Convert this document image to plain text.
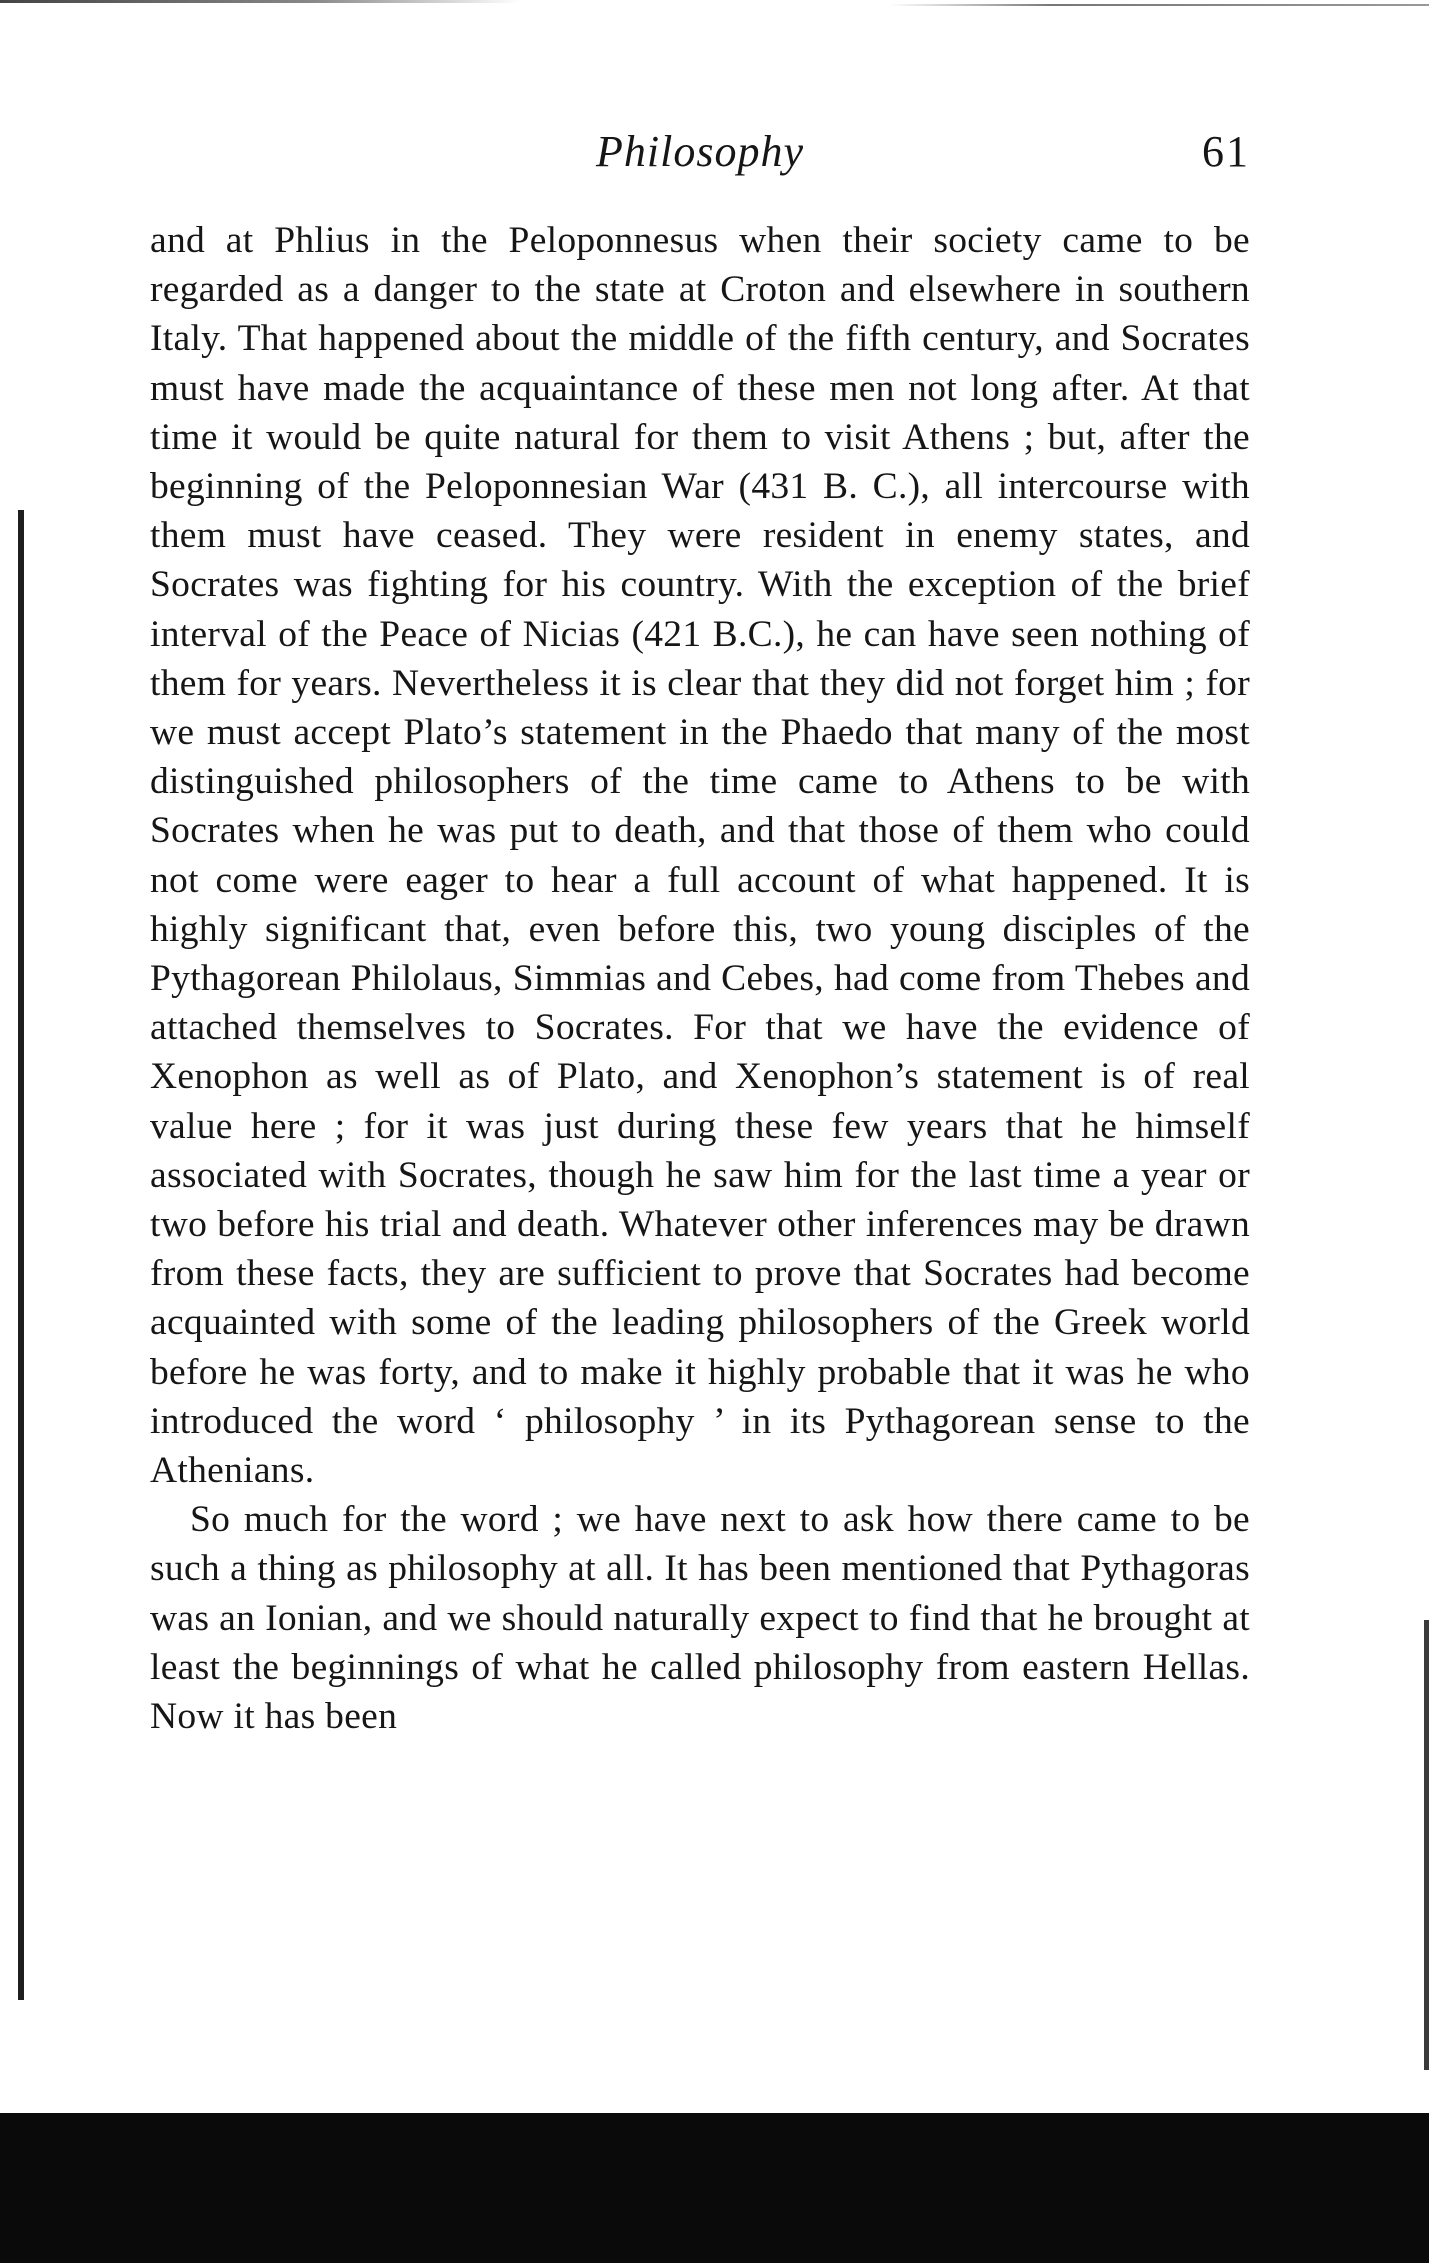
Philosophy	61

and at Phlius in the Peloponnesus when their society came to be regarded as a danger to the state at Croton and elsewhere in southern Italy. That happened about the middle of the fifth century, and Socrates must have made the acquaintance of these men not long after. At that time it would be quite natural for them to visit Athens ; but, after the beginning of the Peloponnesian War (431 B. C.), all intercourse with them must have ceased. They were resident in enemy states, and Socrates was fighting for his country. With the exception of the brief interval of the Peace of Nicias (421 B.C.), he can have seen nothing of them for years. Nevertheless it is clear that they did not forget him ; for we must accept Plato’s statement in the Phaedo that many of the most distinguished philosophers of the time came to Athens to be with Socrates when he was put to death, and that those of them who could not come were eager to hear a full account of what happened. It is highly significant that, even before this, two young disciples of the Pythagorean Philolaus, Simmias and Cebes, had come from Thebes and attached themselves to Socrates. For that we have the evidence of Xenophon as well as of Plato, and Xenophon’s statement is of real value here ; for it was just during these few years that he himself associated with Socrates, though he saw him for the last time a year or two before his trial and death. Whatever other inferences may be drawn from these facts, they are sufficient to prove that Socrates had become acquainted with some of the leading philosophers of the Greek world before he was forty, and to make it highly probable that it was he who introduced the word ‘ philosophy ’ in its Pythagorean sense to the Athenians.

So much for the word ; we have next to ask how there came to be such a thing as philosophy at all. It has been mentioned that Pythagoras was an Ionian, and we should naturally expect to find that he brought at least the beginnings of what he called philosophy from eastern Hellas. Now it has been
